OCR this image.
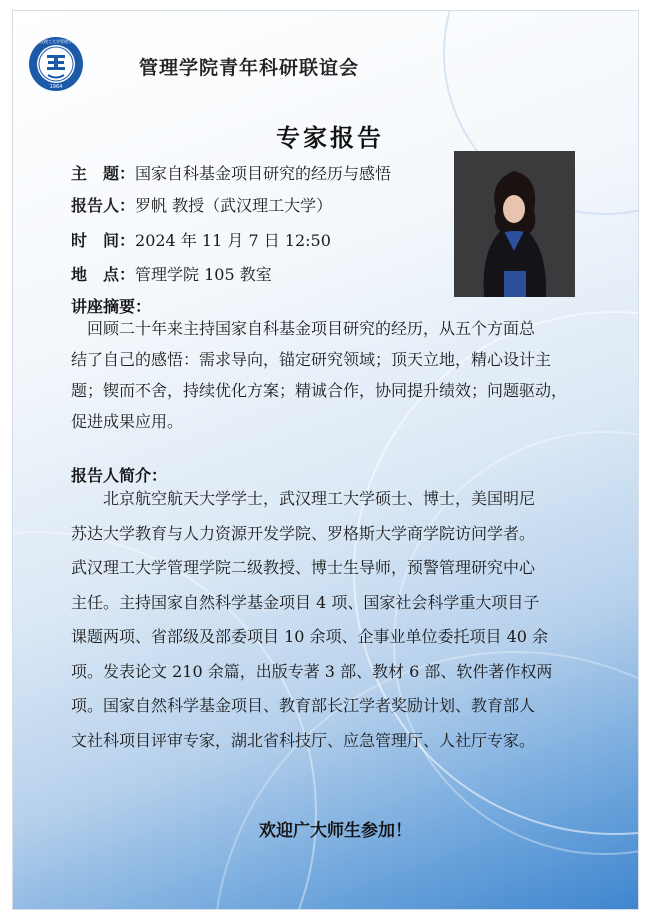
1964
武汉理工大学管理学院
管理学院青年科研联谊会
专家报告
主　题：国家自科基金项目研究的经历与感悟
报告人：罗帆 教授（武汉理工大学）
时　间：2024 年 11 月 7 日 12:50
地　点：管理学院 105 教室
讲座摘要：
　回顾二十年来主持国家自科基金项目研究的经历，从五个方面总
结了自己的感悟：需求导向，锚定研究领域；顶天立地，精心设计主
题；锲而不舍，持续优化方案；精诚合作，协同提升绩效；问题驱动，
促进成果应用。
报告人简介：
　　北京航空航天大学学士，武汉理工大学硕士、博士，美国明尼
苏达大学教育与人力资源开发学院、罗格斯大学商学院访问学者。
武汉理工大学管理学院二级教授、博士生导师，预警管理研究中心
主任。主持国家自然科学基金项目 4 项、国家社会科学重大项目子
课题两项、省部级及部委项目 10 余项、企事业单位委托项目 40 余
项。发表论文 210 余篇，出版专著 3 部、教材 6 部、软件著作权两
项。国家自然科学基金项目、教育部长江学者奖励计划、教育部人
文社科项目评审专家，湖北省科技厅、应急管理厅、人社厅专家。
欢迎广大师生参加！
